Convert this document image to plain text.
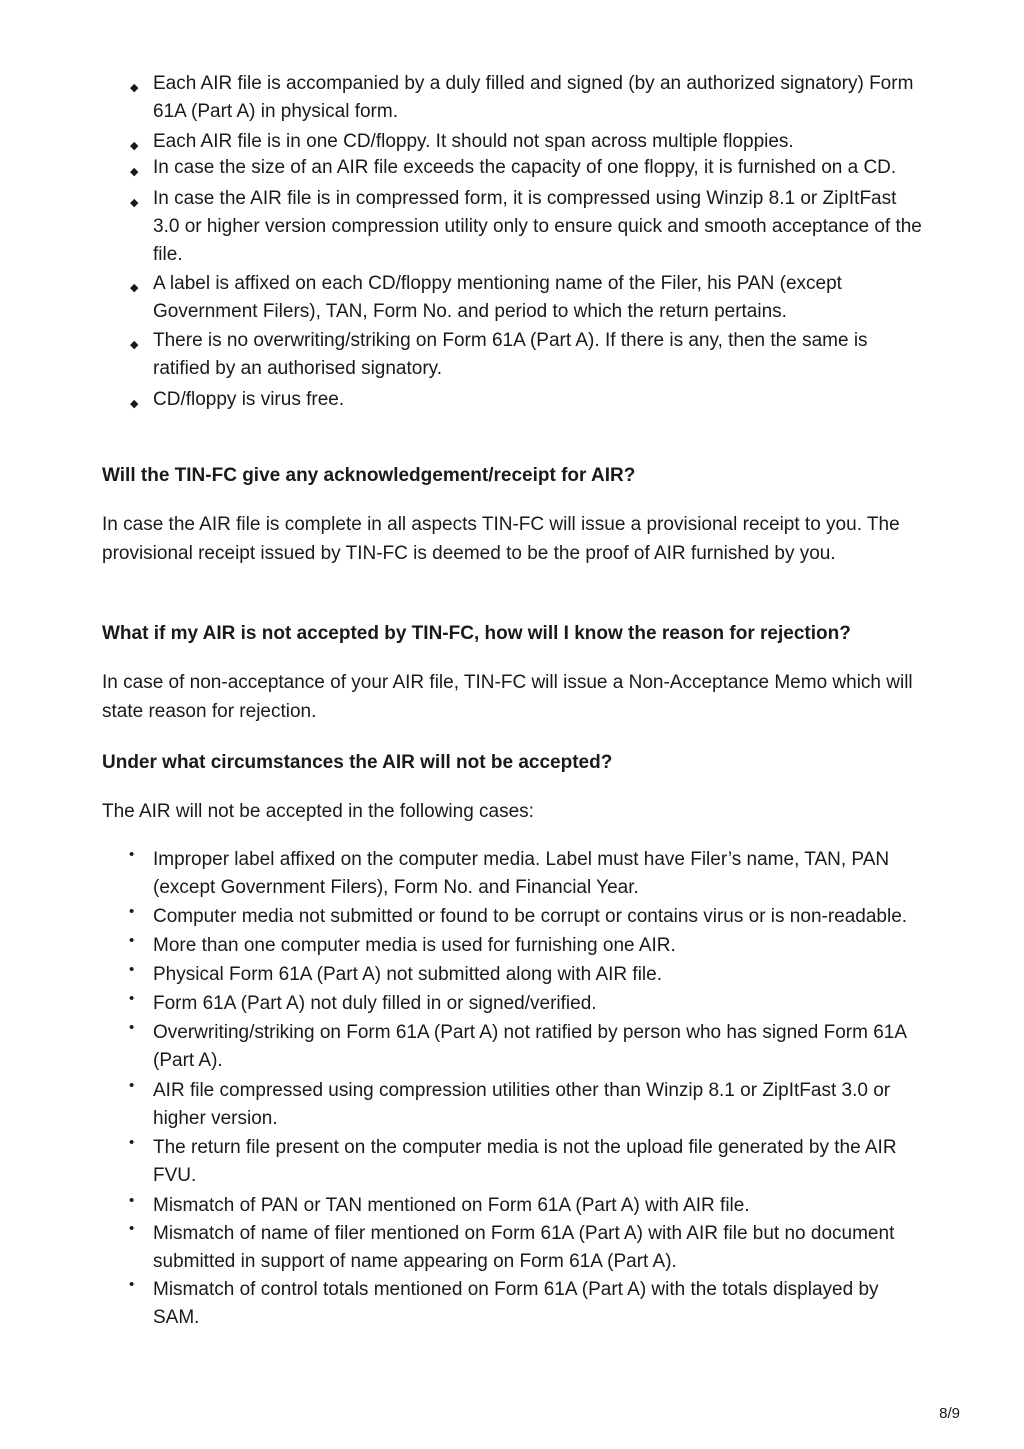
◆ Each AIR file is accompanied by a duly filled and signed (by an authorized signatory) Form 61A (Part A) in physical form.
◆ Each AIR file is in one CD/floppy. It should not span across multiple floppies.
◆ In case the size of an AIR file exceeds the capacity of one floppy, it is furnished on a CD.
◆ In case the AIR file is in compressed form, it is compressed using Winzip 8.1 or ZipItFast 3.0 or higher version compression utility only to ensure quick and smooth acceptance of the file.
◆ A label is affixed on each CD/floppy mentioning name of the Filer, his PAN (except Government Filers), TAN, Form No. and period to which the return pertains.
◆ There is no overwriting/striking on Form 61A (Part A). If there is any, then the same is ratified by an authorised signatory.
◆ CD/floppy is virus free.
Will the TIN-FC give any acknowledgement/receipt for AIR?

In case the AIR file is complete in all aspects TIN-FC will issue a provisional receipt to you. The provisional receipt issued by TIN-FC is deemed to be the proof of AIR furnished by you.

What if my AIR is not accepted by TIN-FC, how will I know the reason for rejection?

In case of non-acceptance of your AIR file, TIN-FC will issue a Non-Acceptance Memo which will state reason for rejection.

Under what circumstances the AIR will not be accepted?

The AIR will not be accepted in the following cases:

• Improper label affixed on the computer media. Label must have Filer’s name, TAN, PAN (except Government Filers), Form No. and Financial Year.
• Computer media not submitted or found to be corrupt or contains virus or is non-readable.
• More than one computer media is used for furnishing one AIR.
• Physical Form 61A (Part A) not submitted along with AIR file.
• Form 61A (Part A) not duly filled in or signed/verified.
• Overwriting/striking on Form 61A (Part A) not ratified by person who has signed Form 61A (Part A).
• AIR file compressed using compression utilities other than Winzip 8.1 or ZipItFast 3.0 or higher version.
• The return file present on the computer media is not the upload file generated by the AIR FVU.
• Mismatch of PAN or TAN mentioned on Form 61A (Part A) with AIR file.
• Mismatch of name of filer mentioned on Form 61A (Part A) with AIR file but no document submitted in support of name appearing on Form 61A (Part A).
• Mismatch of control totals mentioned on Form 61A (Part A) with the totals displayed by SAM.
8/9
